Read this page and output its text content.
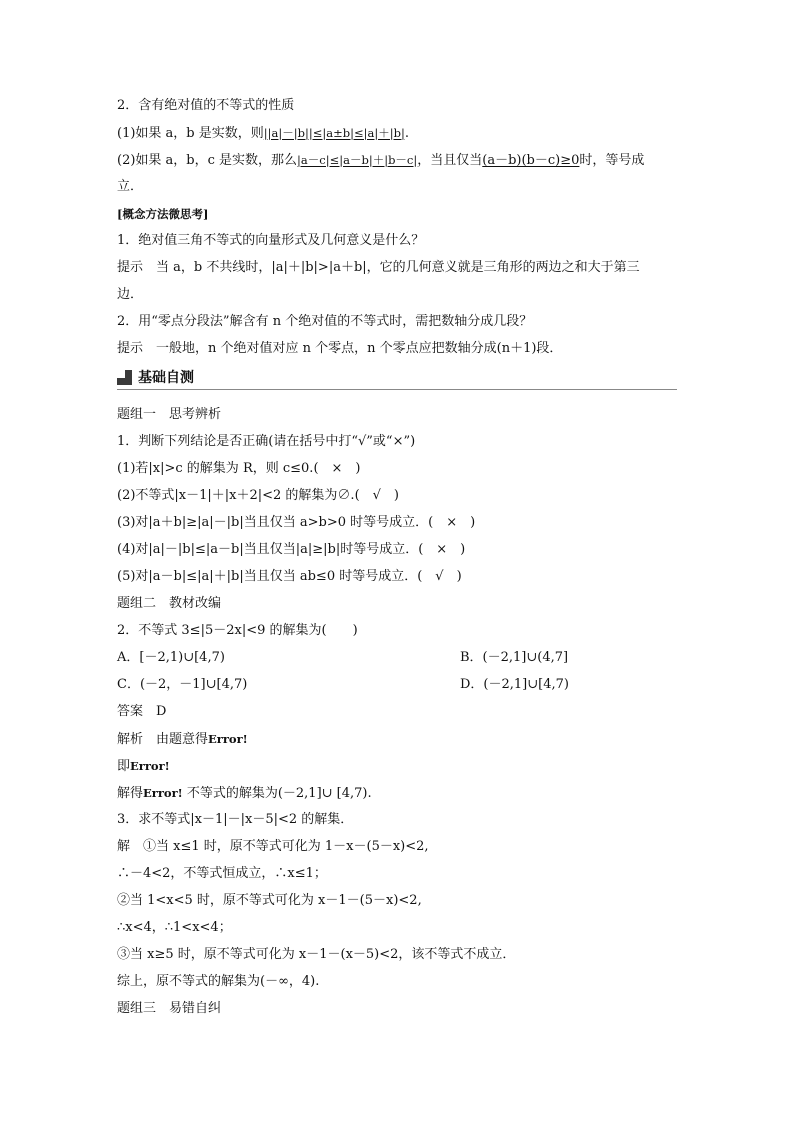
2．含有绝对值的不等式的性质
(1)如果 a，b 是实数，则||a|－|b||≤|a±b|≤|a|＋|b|.
(2)如果 a，b，c 是实数，那么|a－c|≤|a－b|＋|b－c|，当且仅当(a－b)(b－c)≥0时，等号成
立．
[概念方法微思考]
1．绝对值三角不等式的向量形式及几何意义是什么？
提示　当 a，b 不共线时，|a|＋|b|>|a＋b|，它的几何意义就是三角形的两边之和大于第三
边．
2．用“零点分段法”解含有 n 个绝对值的不等式时，需把数轴分成几段？
提示　一般地，n 个绝对值对应 n 个零点，n 个零点应把数轴分成(n＋1)段．
基础自测
题组一　思考辨析
1．判断下列结论是否正确(请在括号中打“√”或“×”)
(1)若|x|>c 的解集为 R，则 c≤0.(　×　)
(2)不等式|x－1|＋|x＋2|<2 的解集为∅.(　√　)
(3)对|a＋b|≥|a|－|b|当且仅当 a>b>0 时等号成立．(　×　)
(4)对|a|－|b|≤|a－b|当且仅当|a|≥|b|时等号成立．(　×　)
(5)对|a－b|≤|a|＋|b|当且仅当 ab≤0 时等号成立．(　√　)
题组二　教材改编
2．不等式 3≤|5－2x|<9 的解集为(　　)
A．[－2,1)∪[4,7)	B．(－2,1]∪(4,7]
C．(－2，－1]∪[4,7)	D．(－2,1]∪[4,7)
答案　D
解析　由题意得Error!
即Error!
解得Error! 不等式的解集为(－2,1]∪ [4,7).
3．求不等式|x－1|－|x－5|<2 的解集．
解　①当 x≤1 时，原不等式可化为 1－x－(5－x)<2,
∴－4<2，不等式恒成立，∴x≤1；
②当 1<x<5 时，原不等式可化为 x－1－(5－x)<2,
∴x<4，∴1<x<4；
③当 x≥5 时，原不等式可化为 x－1－(x－5)<2，该不等式不成立．
综上，原不等式的解集为(－∞，4).
题组三　易错自纠
